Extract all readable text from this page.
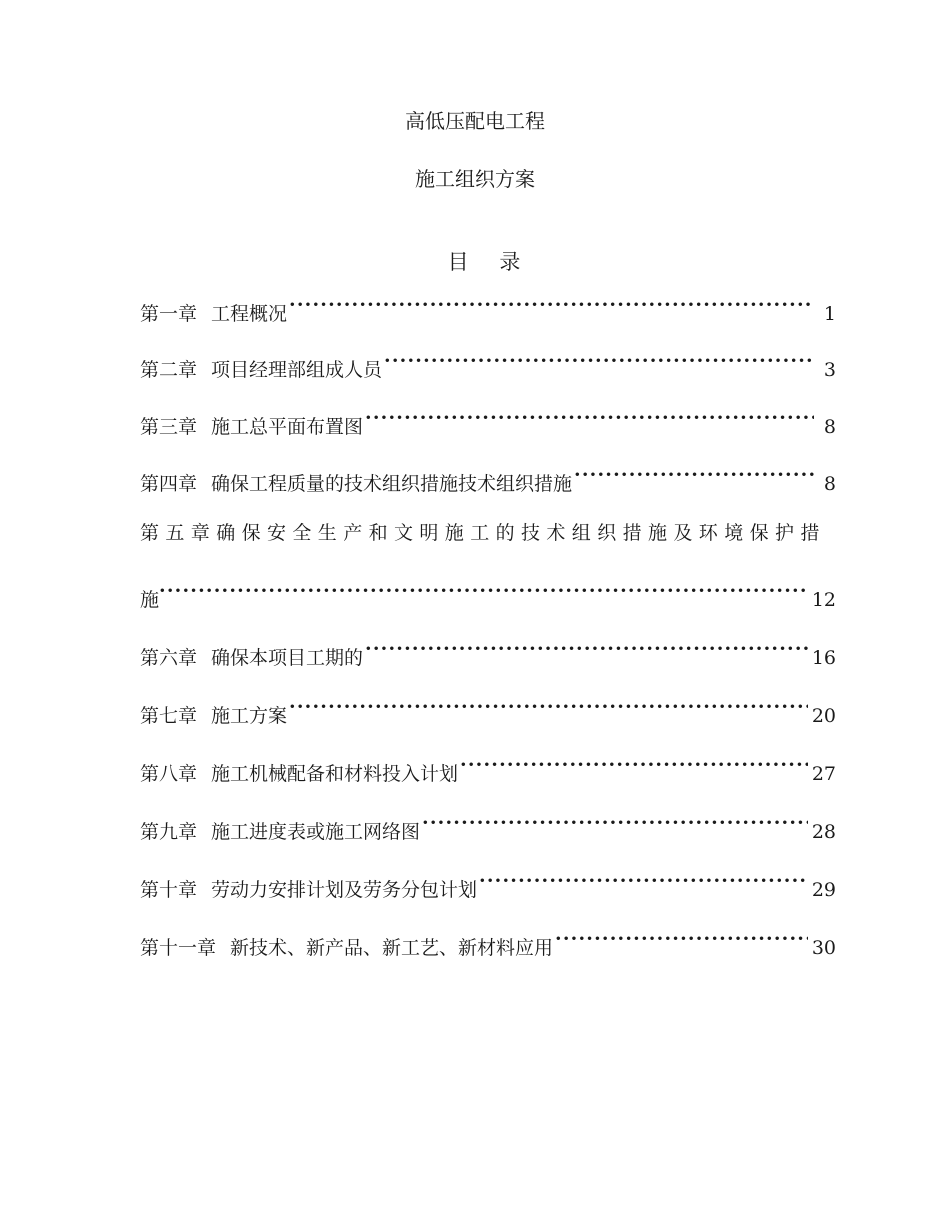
高低压配电工程
施工组织方案
目 录
第一章 工程概况 ·····	1
第二章 项目经理部组成人员 ·····	3
第三章 施工总平面布置图 ·····	8
第四章 确保工程质量的技术组织措施技术组织措施 ·····	8
第五章确保安全生产和文明施工的技术组织措施及环境保护措
施 ·····	12
第六章 确保本项目工期的 ·····	16
第七章 施工方案 ·····	20
第八章 施工机械配备和材料投入计划 ·····	27
第九章 施工进度表或施工网络图 ·····	28
第十章 劳动力安排计划及劳务分包计划 ·····	29
第十一章 新技术、新产品、新工艺、新材料应用 ·····	30
